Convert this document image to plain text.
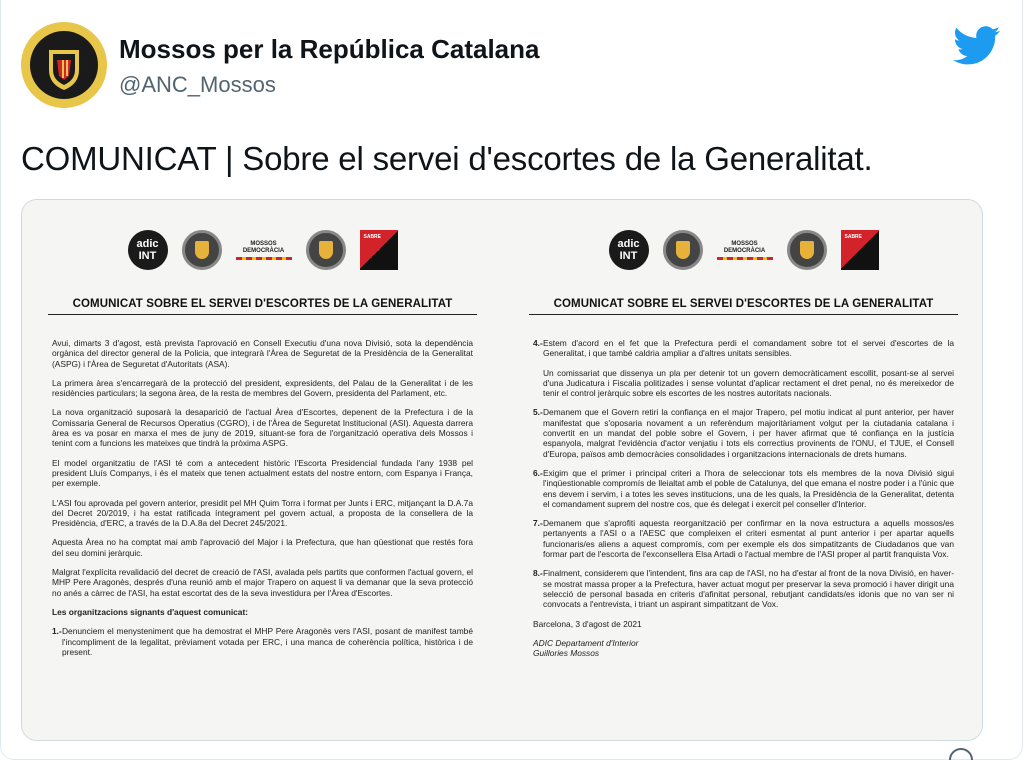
Mossos per la República Catalana
@ANC_Mossos
COMUNICAT | Sobre el servei d'escortes de la Generalitat.
adic
INT
MOSSOS
DEMOCRÀCIA
SABRE
COMUNICAT SOBRE EL SERVEI D'ESCORTES DE LA GENERALITAT

Avui, dimarts 3 d'agost, està prevista l'aprovació en Consell Executiu d'una nova Divisió, sota la dependència orgànica del director general de la Policia, que integrarà l'Àrea de Seguretat de la Presidència de la Generalitat (ASPG) i l'Àrea de Seguretat d'Autoritats (ASA).

La primera àrea s'encarregarà de la protecció del president, expresidents, del Palau de la Generalitat i de les residències particulars; la segona àrea, de la resta de membres del Govern, presidenta del Parlament, etc.

La nova organització suposarà la desaparició de l'actual Àrea d'Escortes, depenent de la Prefectura i de la Comissaria General de Recursos Operatius (CGRO), i de l'Àrea de Seguretat Institucional (ASI). Aquesta darrera àrea es va posar en marxa el mes de juny de 2019, situant-se fora de l'organització operativa dels Mossos i tenint com a funcions les mateixes que tindrà la pròxima ASPG.

El model organitzatiu de l'ASI té com a antecedent històric l'Escorta Presidencial fundada l'any 1938 pel president Lluís Companys, i és el mateix que tenen actualment estats del nostre entorn, com Espanya i França, per exemple.

L'ASI fou aprovada pel govern anterior, presidit pel MH Quim Torra i format per Junts i ERC, mitjançant la D.A.7a del Decret 20/2019, i ha estat ratificada íntegrament pel govern actual, a proposta de la consellera de la Presidència, d'ERC, a través de la D.A.8a del Decret 245/2021.

Aquesta Àrea no ha comptat mai amb l'aprovació del Major i la Prefectura, que han qüestionat que restés fora del seu domini jeràrquic.

Malgrat l'explícita revalidació del decret de creació de l'ASI, avalada pels partits que conformen l'actual govern, el MHP Pere Aragonès, després d'una reunió amb el major Trapero on aquest li va demanar que la seva protecció no anés a càrrec de l'ASI, ha estat escortat des de la seva investidura per l'Àrea d'Escortes.

Les organitzacions signants d'aquest comunicat:

1.- Denunciem el menysteniment que ha demostrat el MHP Pere Aragonès vers l'ASI, posant de manifest també l'incompliment de la legalitat, prèviament votada per ERC, i una manca de coherència política, històrica i de present.

adic
INT
MOSSOS
DEMOCRÀCIA
SABRE
COMUNICAT SOBRE EL SERVEI D'ESCORTES DE LA GENERALITAT

4.- Estem d'acord en el fet que la Prefectura perdi el comandament sobre tot el servei d'escortes de la Generalitat, i que també caldria ampliar a d'altres unitats sensibles.

Un comissariat que dissenya un pla per detenir tot un govern democràticament escollit, posant-se al servei d'una Judicatura i Fiscalia politizades i sense voluntat d'aplicar rectament el dret penal, no és mereixedor de tenir el control jeràrquic sobre els escortes de les nostres autoritats nacionals.

5.- Demanem que el Govern retiri la confiança en el major Trapero, pel motiu indicat al punt anterior, per haver manifestat que s'oposaria novament a un referèndum majoritàriament volgut per la ciutadania catalana i convertit en un mandat del poble sobre el Govern, i per haver afirmat que té confiança en la justícia espanyola, malgrat l'evidència d'actor venjatiu i tots els correctius provinents de l'ONU, el TJUE, el Consell d'Europa, països amb democràcies consolidades i organitzacions internacionals de drets humans.

6.- Exigim que el primer i principal criteri a l'hora de seleccionar tots els membres de la nova Divisió sigui l'inqüestionable compromís de lleialtat amb el poble de Catalunya, del que emana el nostre poder i a l'únic que ens devem i servim, i a totes les seves institucions, una de les quals, la Presidència de la Generalitat, detenta el comandament suprem del nostre cos, que és delegat i exercit pel conseller d'Interior.

7.- Demanem que s'aprofiti aquesta reorganització per confirmar en la nova estructura a aquells mossos/es pertanyents a l'ASI o a l'AESC que compleixen el criteri esmentat al punt anterior i per apartar aquells funcionaris/es aliens a aquest compromís, com per exemple els dos simpatitzants de Ciudadanos que van formar part de l'escorta de l'exconsellera Elsa Artadi o l'actual membre de l'ASI proper al partit franquista Vox.

8.- Finalment, considerem que l'intendent, fins ara cap de l'ASI, no ha d'estar al front de la nova Divisió, en haver-se mostrat massa proper a la Prefectura, haver actuat mogut per preservar la seva promoció i haver dirigit una selecció de personal basada en criteris d'afinitat personal, rebutjant candidats/es idonis que no van ser ni convocats a l'entrevista, i triant un aspirant simpatitzant de Vox.

Barcelona, 3 d'agost de 2021

ADIC Departament d'Interior

Guillories Mossos
